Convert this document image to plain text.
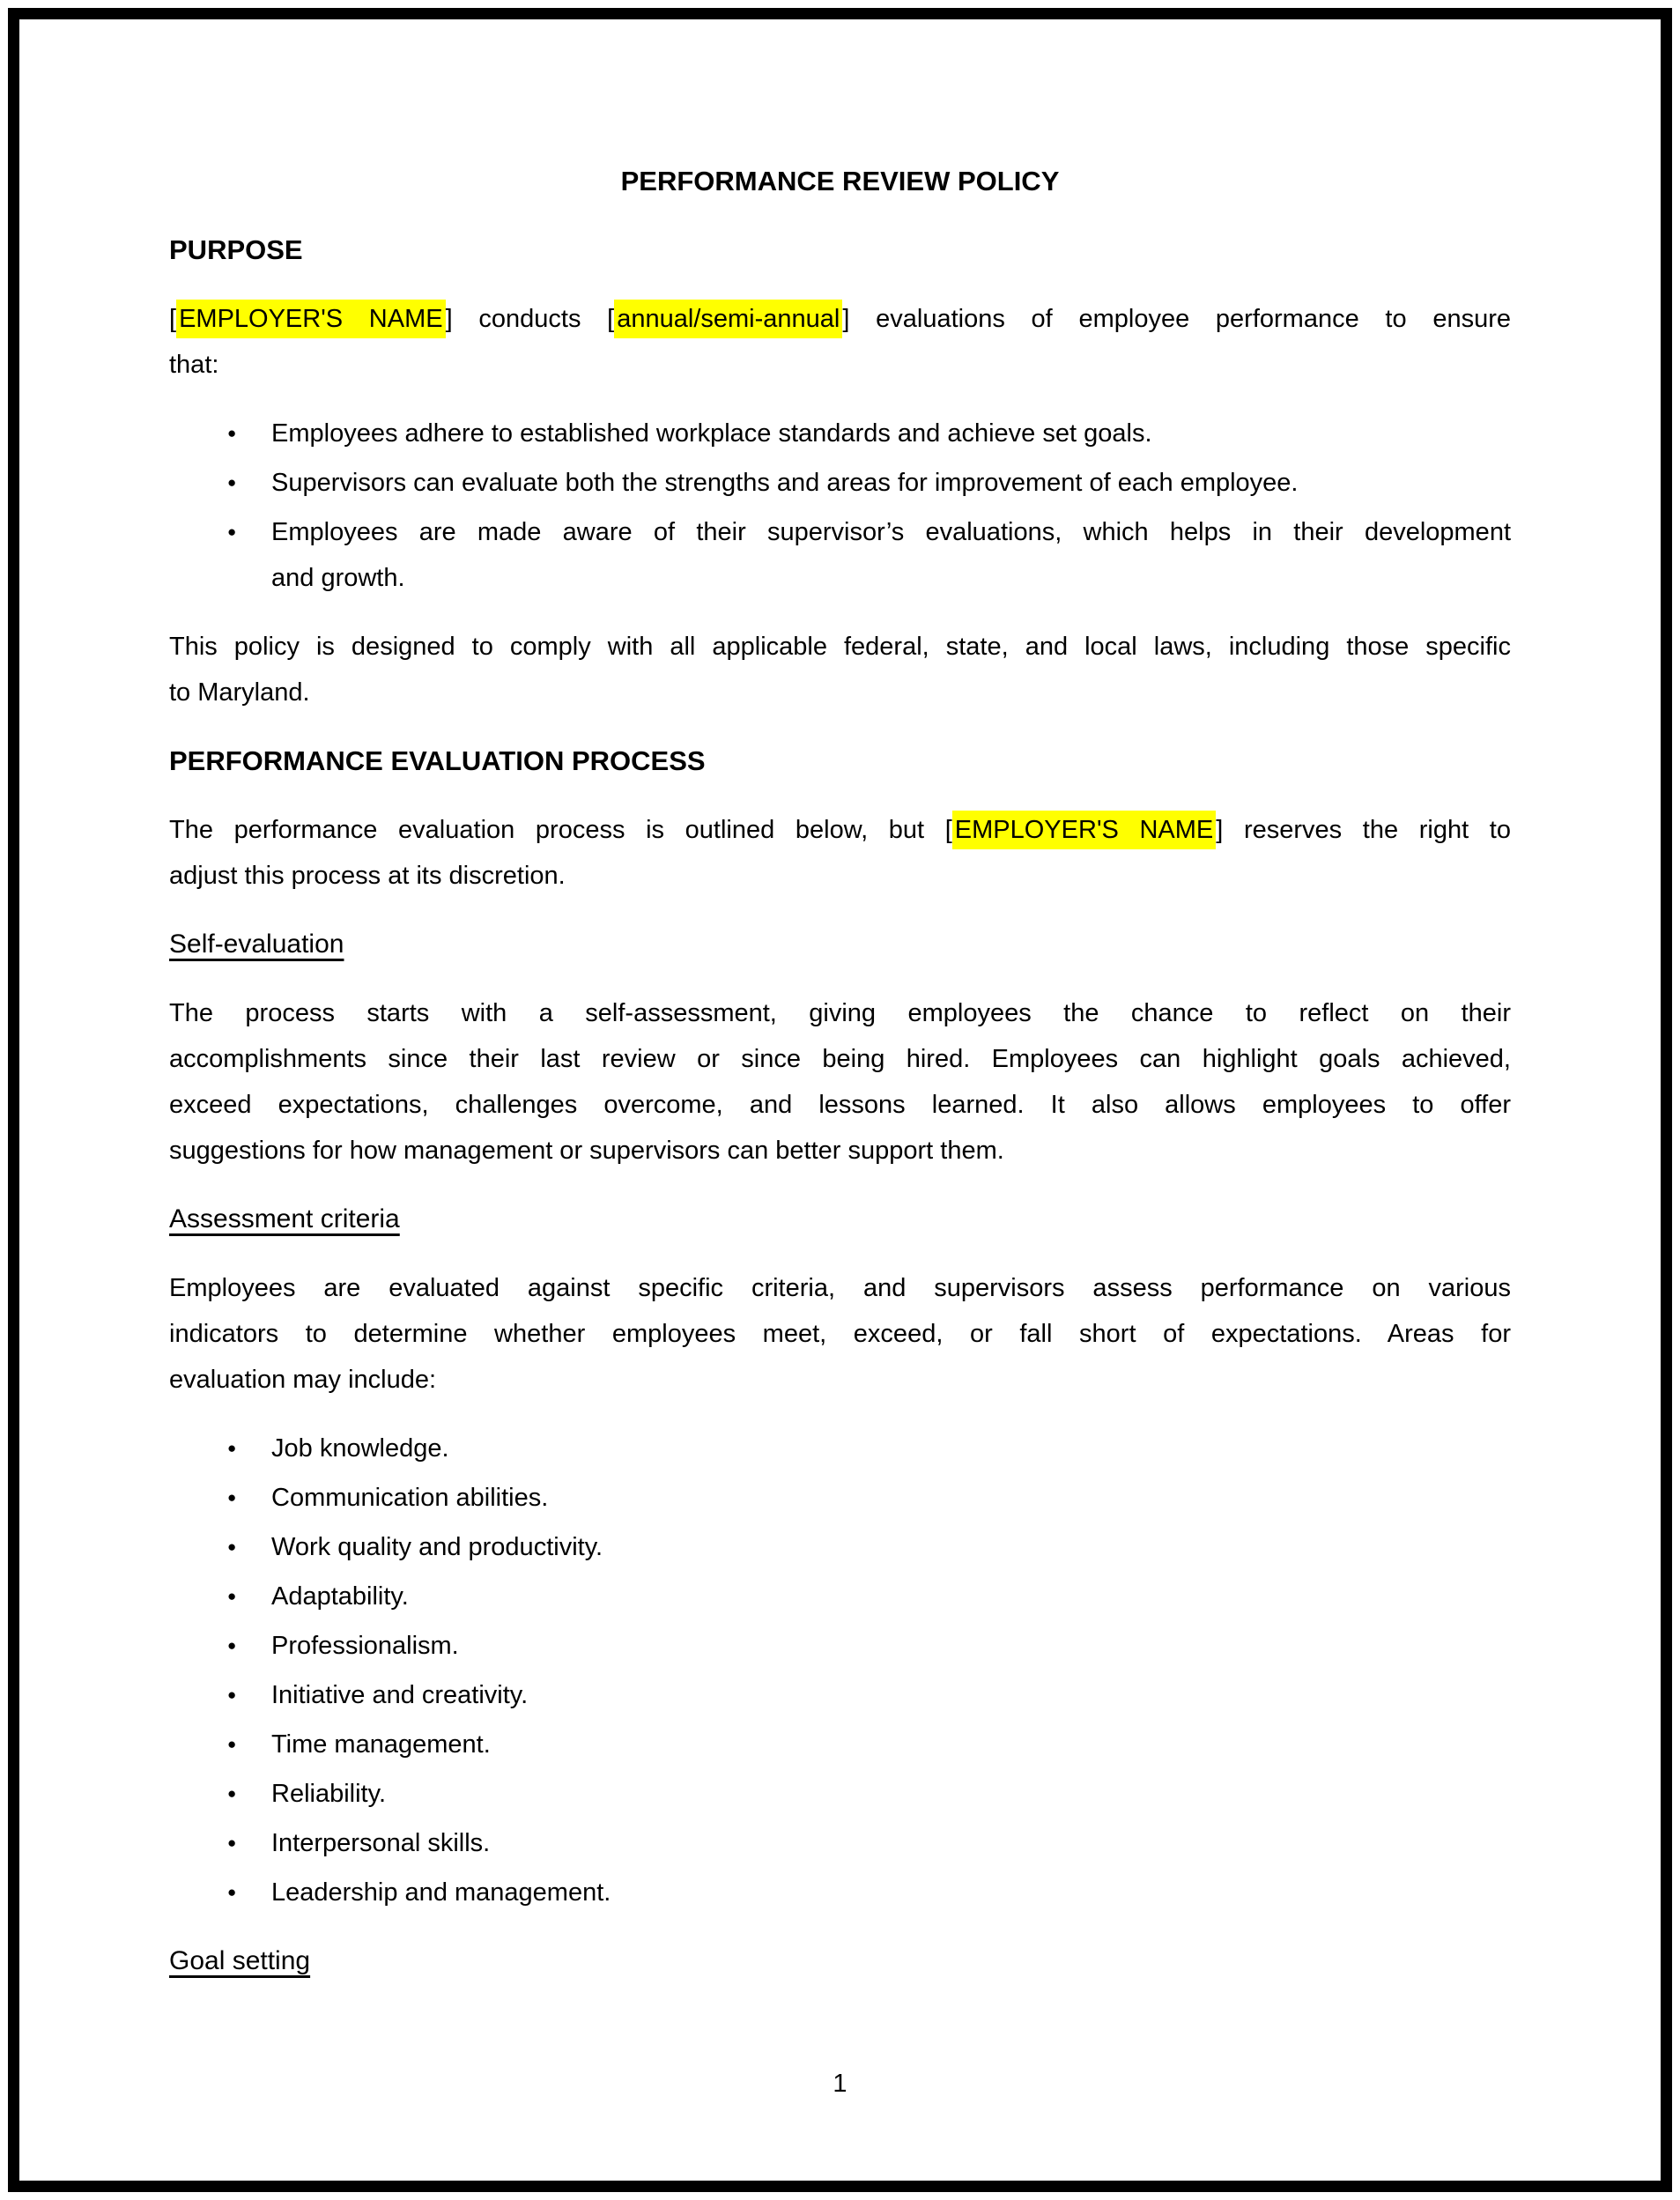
PERFORMANCE REVIEW POLICY
PURPOSE
[ EMPLOYER'S NAME ] conducts [ annual/semi-annual ] evaluations of employee performance to ensure
that:
●	Employees adhere to established workplace standards and achieve set goals.
●	Supervisors can evaluate both the strengths and areas for improvement of each employee.
●	Employees are made aware of their supervisor’s evaluations, which helps in their development
and growth.
This policy is designed to comply with all applicable federal, state, and local laws, including those specific
to Maryland.
PERFORMANCE EVALUATION PROCESS
The performance evaluation process is outlined below, but [ EMPLOYER'S NAME ] reserves the right to
adjust this process at its discretion.
Self-evaluation
The process starts with a self-assessment, giving employees the chance to reflect on their
accomplishments since their last review or since being hired. Employees can highlight goals achieved,
exceed expectations, challenges overcome, and lessons learned. It also allows employees to offer
suggestions for how management or supervisors can better support them.
Assessment criteria
Employees are evaluated against specific criteria, and supervisors assess performance on various
indicators to determine whether employees meet, exceed, or fall short of expectations. Areas for
evaluation may include:
●	Job knowledge.
●	Communication abilities.
●	Work quality and productivity.
●	Adaptability.
●	Professionalism.
●	Initiative and creativity.
●	Time management.
●	Reliability.
●	Interpersonal skills.
●	Leadership and management.
Goal setting
1
